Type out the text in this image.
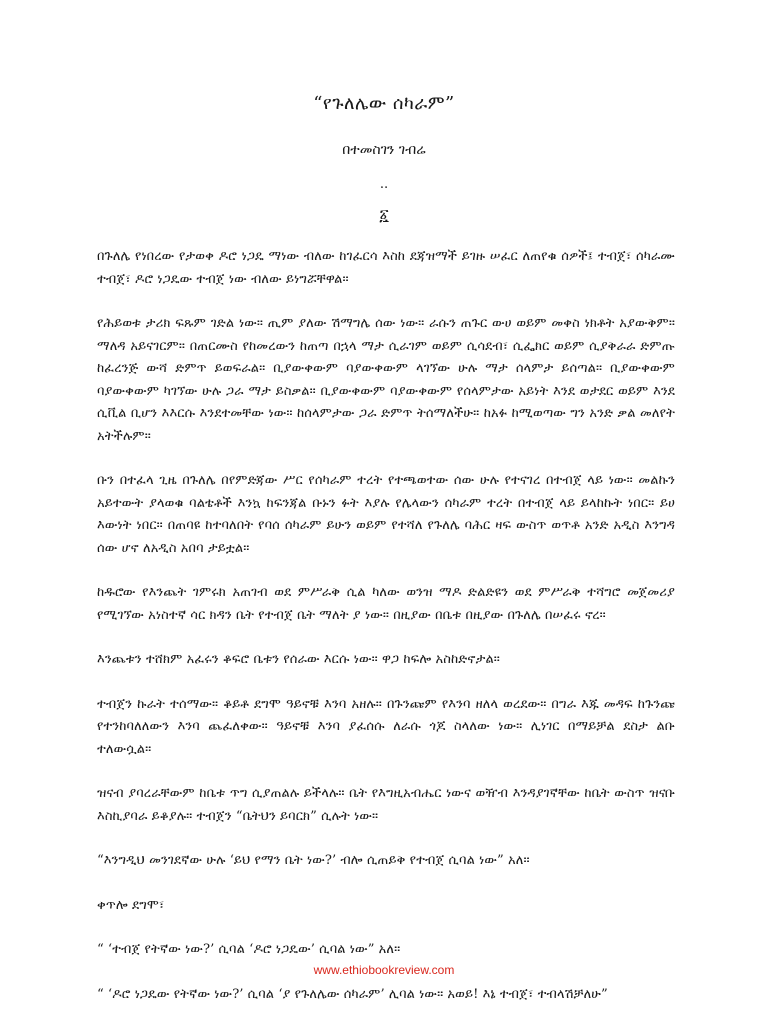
“የጉለሌው ሰካራም”
በተመስገን ገብሬ
..
፩

በጉለሌ የነበረው የታወቀ ዶሮ ነጋዴ ማነው ብለው ከገፈርሳ እስከ ደጃዝማች ይገዙ ሠፈር ለጠየቁ ሰዎች፤ ተብጀ፣ ሰካራሙ ተብጀ፣ ዶሮ ነጋዴው ተብጀ ነው ብለው ይነግሯቸዋል።

የሕይወቱ ታሪክ ፍጹም ገድል ነው። ጢም ያለው ሽማግሌ ሰው ነው። ራሱን ጠጉር ውሀ ወይም መቀስ ነክቶት አያውቅም። ማለዳ አይናገርም። በጠርሙስ የከመረውን ከጠጣ በኋላ ማታ ሲራገም ወይም ሲሳደብ፣ ሲፌክር ወይም ሲያቅራራ ድምጡ ከፈረንጅ ውሻ ድምጥ ይወፍራል። ቢያውቀውም ባያውቀውም ላገኘው ሁሉ ማታ ሰላምታ ይሰጣል። ቢያውቀውም ባያውቀውም ካገኘው ሁሉ ጋራ ማታ ይስቃል። ቢያውቀውም ባያውቀውም የሰላምታው አይነት እንደ ወታደር ወይም እንደ ሲቪል ቢሆን እእርሱ እንደተመቸው ነው። ከሰላምታው ጋራ ድምጥ ትሰማለችሁ። ከአፉ ከሚወጣው ግን አንድ ቃል መለየት አትችሉም።

ቡን በተፈላ ጊዜ በጉለሌ በየምድጃው ሥር የሰካራም ተረት የተጫወተው ሰው ሁሉ የተናገረ በተብጀ ላይ ነው። መልኩን አይተውት ያላወቁ ባልቴቶች እንኳ ከፍንጃል ቡኑን ፉት እያሉ የሌላውን ሰካራም ተረት በተብጀ ላይ ይላከኩት ነበር። ይሀ እውነት ነበር። በጠባዩ ከተባለበት የባሰ ሰካራም ይሁን ወይም የተሻለ የጉለሌ ባሕር ዛፍ ውስጥ ወጥቶ አንድ አዲስ እንግዳ ሰው ሆኖ ለአዲስ አበባ ታይቷል።

ከዱሮው የእንጨት ገምሩክ አጠገብ ወደ ምሥራቅ ሲል ካለው ወንዝ ማዶ ድልድዩን ወደ ምሥራቅ ተሻግሮ መጀመሪያ የሚገኘው አነስተኛ ሳር ክዳን ቤት የተብጀ ቤት ማለት ያ ነው። በዚያው በቤቱ በዚያው በጉለሌ በሠፈሩ ኖረ።

እንጨቱን ተሸክም አፈሩን ቆፍሮ ቤቱን የሰራው እርሱ ነው። ዋጋ ከፍሎ አስከድኖታል።

ተብጀን ኩራት ተሰማው። ቆይቶ ደግሞ ዓይኖቹ እንባ አዘሉ። በጉንጩም የእንባ ዘለላ ወረደው። በግራ እጁ መዳፍ ከጉንጩ የተንከባለለውን እንባ ጨፈለቀው። ዓይኖቹ እንባ ያፈሰሱ ለራሱ ጎጆ ስላለው ነው። ሊነገር በማይቻል ደስታ ልቡ ተለውሷል።

ዝናብ ያባረራቸውም ከቤቱ ጥግ ሲያጠልሉ ይችላሉ። ቤት የእግዚአብሔር ነውና ወዥብ እንዳያገኛቸው ከቤት ውስጥ ዝናቡ እስኪያባራ ይቆያሉ። ተብጀን “ቤትህን ይባርክ” ሲሉት ነው።

“እንግዲህ መንገደኛው ሁሉ ‘ይህ የማን ቤት ነው?’ ብሎ ሲጠይቅ የተብጀ ሲባል ነው” አለ።

ቀጥሎ ደግሞ፣

“ ‘ተብጀ የትኛው ነው?’ ሲባል ‘ዶሮ ነጋዴው’ ሲባል ነው” አለ።

“ ‘ዶሮ ነጋዴው የትኛው ነው?’ ሲባል ‘ያ የጉለሌው ሰካራም’ ሊባል ነው። አወይ! እኔ ተብጀ፣ ተብላሽቻለሁ”

www.ethiobookreview.com
